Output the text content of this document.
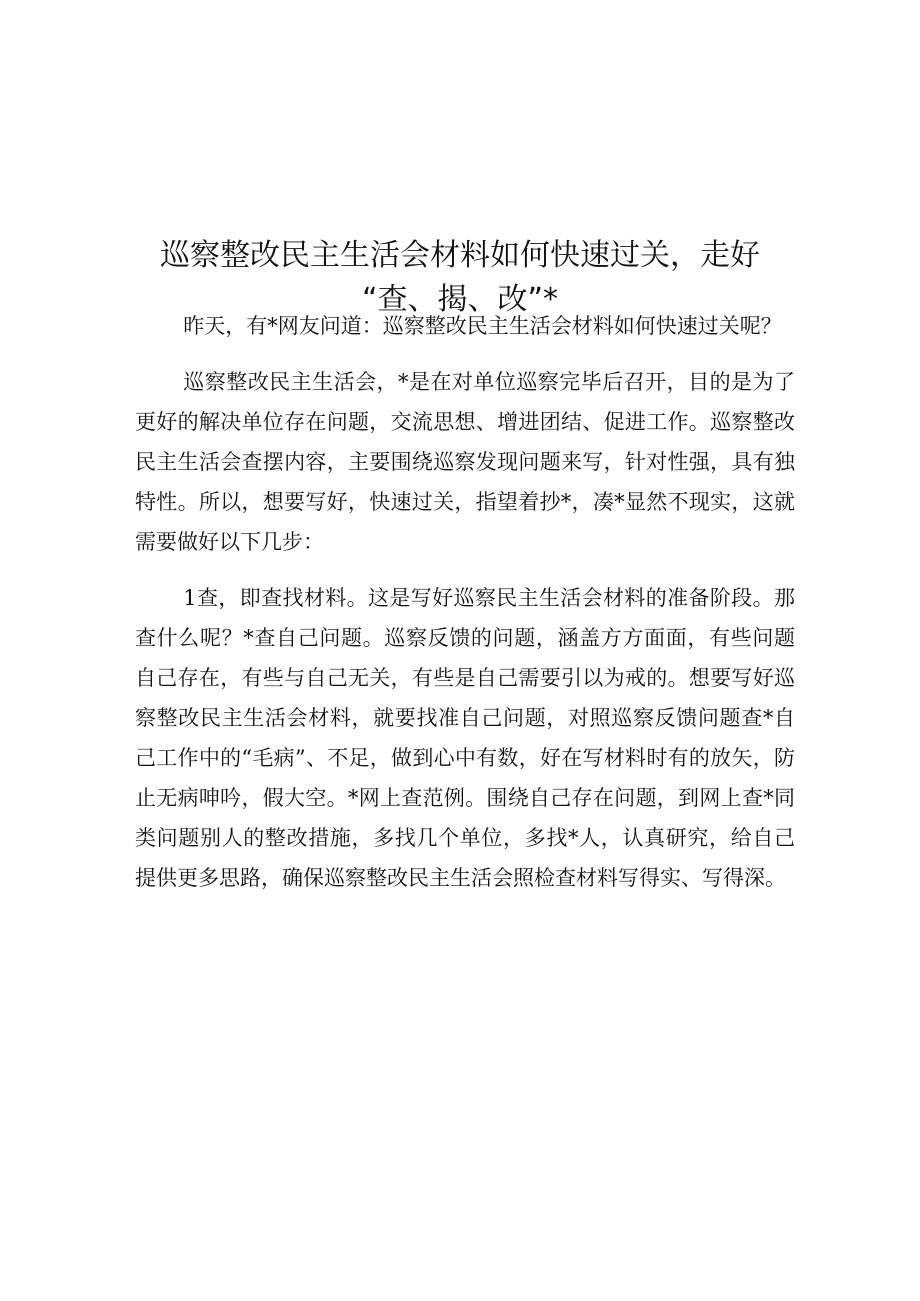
巡察整改民主生活会材料如何快速过关，走好
“查、揭、改”*

昨天，有*网友问道：巡察整改民主生活会材料如何快速过关呢？

巡察整改民主生活会，*是在对单位巡察完毕后召开，目的是为了更好的解决单位存在问题，交流思想、增进团结、促进工作。巡察整改民主生活会查摆内容，主要围绕巡察发现问题来写，针对性强，具有独特性。所以，想要写好，快速过关，指望着抄*，凑*显然不现实，这就需要做好以下几步：

1查，即查找材料。这是写好巡察民主生活会材料的准备阶段。那查什么呢？*查自己问题。巡察反馈的问题，涵盖方方面面，有些问题自己存在，有些与自己无关，有些是自己需要引以为戒的。想要写好巡察整改民主生活会材料，就要找准自己问题，对照巡察反馈问题查*自己工作中的“毛病”、不足，做到心中有数，好在写材料时有的放矢，防止无病呻吟，假大空。*网上查范例。围绕自己存在问题，到网上查*同类问题别人的整改措施，多找几个单位，多找*人，认真研究，给自己提供更多思路，确保巡察整改民主生活会照检查材料写得实、写得深。
